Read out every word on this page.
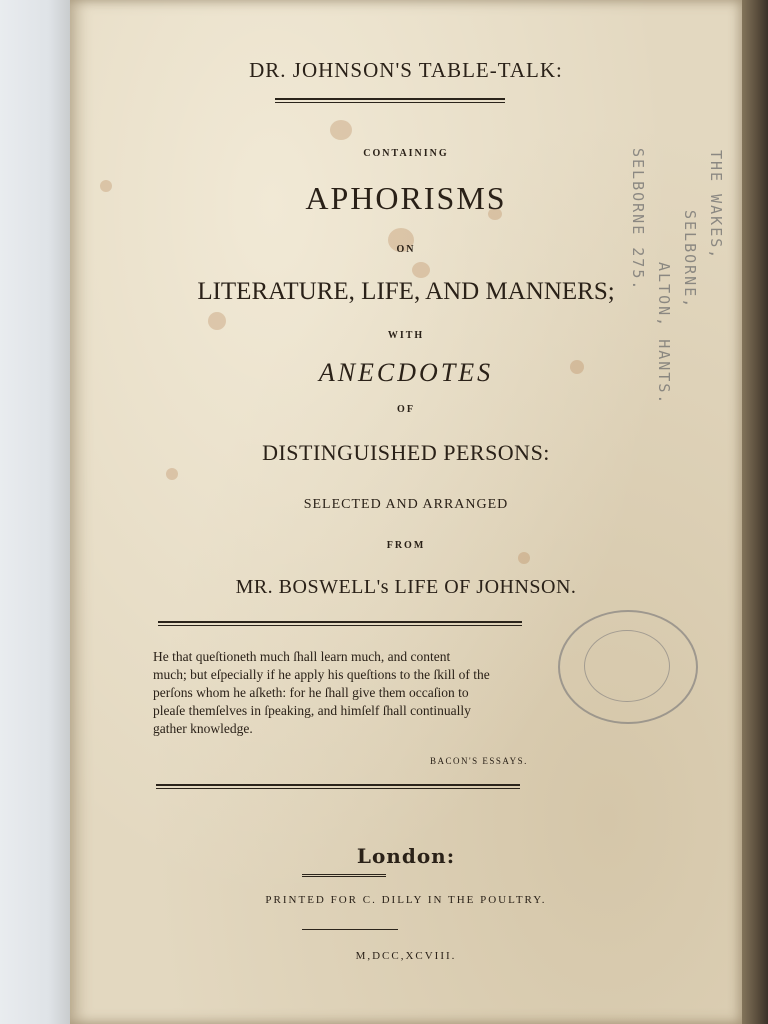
DR. JOHNSON'S TABLE-TALK:
CONTAINING
APHORISMS
ON
LITERATURE, LIFE, AND MANNERS;
WITH
ANECDOTES
OF
DISTINGUISHED PERSONS:
SELECTED AND ARRANGED
FROM
MR. BOSWELL's LIFE OF JOHNSON.
He that queſtioneth much ſhall learn much, and content
much; but eſpecially if he apply his queſtions to the ſkill of the
perſons whom he aſketh: for he ſhall give them occaſion to
pleaſe themſelves in ſpeaking, and himſelf ſhall continually
gather knowledge.
BACON'S ESSAYS.
London:
PRINTED FOR C. DILLY IN THE POULTRY.
M,DCC,XCVIII.
THE WAKES,
SELBORNE,
ALTON, HANTS.
SELBORNE 275.
